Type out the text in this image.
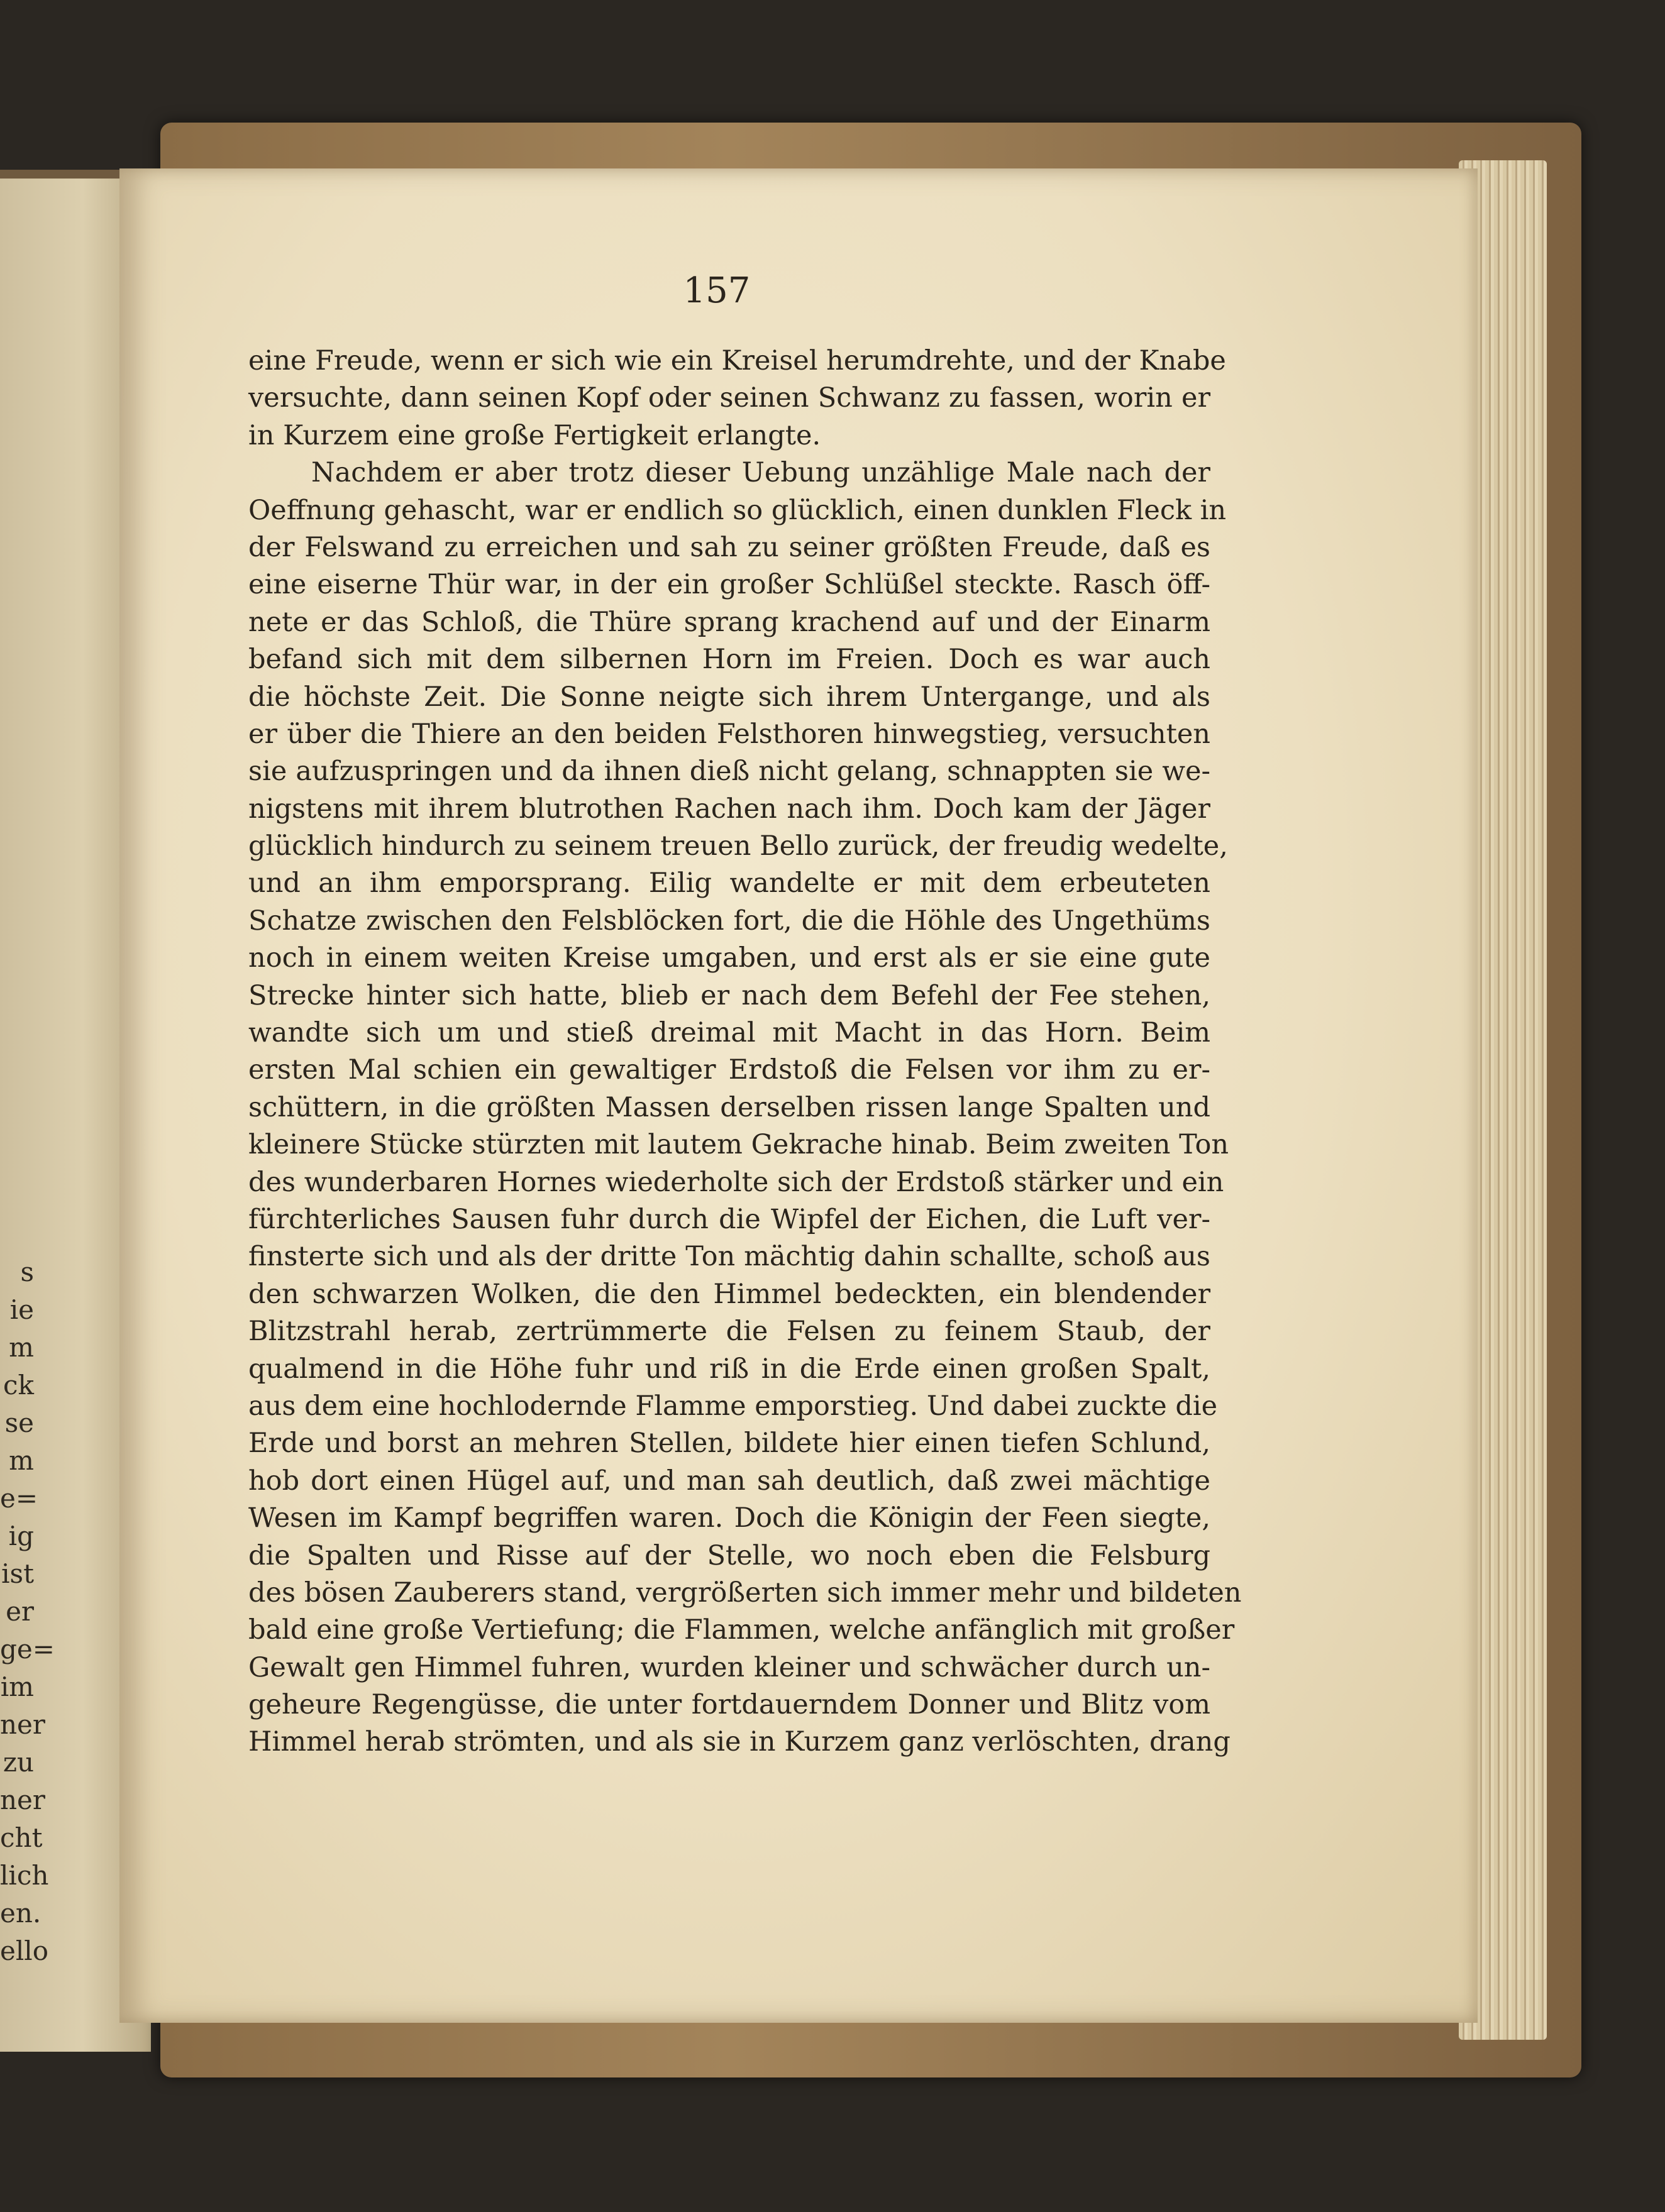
s
ie
m
ck
se
m
e=
ig
ist
er
ge=
im
ner
zu
ner
cht
lich
en.
ello
157
eine Freude, wenn er sich wie ein Kreisel herumdrehte, und der Knabe
versuchte, dann seinen Kopf oder seinen Schwanz zu fassen, worin er
in Kurzem eine große Fertigkeit erlangte.
Nachdem er aber trotz dieser Uebung unzählige Male nach der
Oeffnung gehascht, war er endlich so glücklich, einen dunklen Fleck in
der Felswand zu erreichen und sah zu seiner größten Freude, daß es
eine eiserne Thür war, in der ein großer Schlüßel steckte. Rasch öff-
nete er das Schloß, die Thüre sprang krachend auf und der Einarm
befand sich mit dem silbernen Horn im Freien. Doch es war auch
die höchste Zeit. Die Sonne neigte sich ihrem Untergange, und als
er über die Thiere an den beiden Felsthoren hinwegstieg, versuchten
sie aufzuspringen und da ihnen dieß nicht gelang, schnappten sie we-
nigstens mit ihrem blutrothen Rachen nach ihm. Doch kam der Jäger
glücklich hindurch zu seinem treuen Bello zurück, der freudig wedelte,
und an ihm emporsprang. Eilig wandelte er mit dem erbeuteten
Schatze zwischen den Felsblöcken fort, die die Höhle des Ungethüms
noch in einem weiten Kreise umgaben, und erst als er sie eine gute
Strecke hinter sich hatte, blieb er nach dem Befehl der Fee stehen,
wandte sich um und stieß dreimal mit Macht in das Horn. Beim
ersten Mal schien ein gewaltiger Erdstoß die Felsen vor ihm zu er-
schüttern, in die größten Massen derselben rissen lange Spalten und
kleinere Stücke stürzten mit lautem Gekrache hinab. Beim zweiten Ton
des wunderbaren Hornes wiederholte sich der Erdstoß stärker und ein
fürchterliches Sausen fuhr durch die Wipfel der Eichen, die Luft ver-
finsterte sich und als der dritte Ton mächtig dahin schallte, schoß aus
den schwarzen Wolken, die den Himmel bedeckten, ein blendender
Blitzstrahl herab, zertrümmerte die Felsen zu feinem Staub, der
qualmend in die Höhe fuhr und riß in die Erde einen großen Spalt,
aus dem eine hochlodernde Flamme emporstieg. Und dabei zuckte die
Erde und borst an mehren Stellen, bildete hier einen tiefen Schlund,
hob dort einen Hügel auf, und man sah deutlich, daß zwei mächtige
Wesen im Kampf begriffen waren. Doch die Königin der Feen siegte,
die Spalten und Risse auf der Stelle, wo noch eben die Felsburg
des bösen Zauberers stand, vergrößerten sich immer mehr und bildeten
bald eine große Vertiefung; die Flammen, welche anfänglich mit großer
Gewalt gen Himmel fuhren, wurden kleiner und schwächer durch un-
geheure Regengüsse, die unter fortdauerndem Donner und Blitz vom
Himmel herab strömten, und als sie in Kurzem ganz verlöschten, drang
